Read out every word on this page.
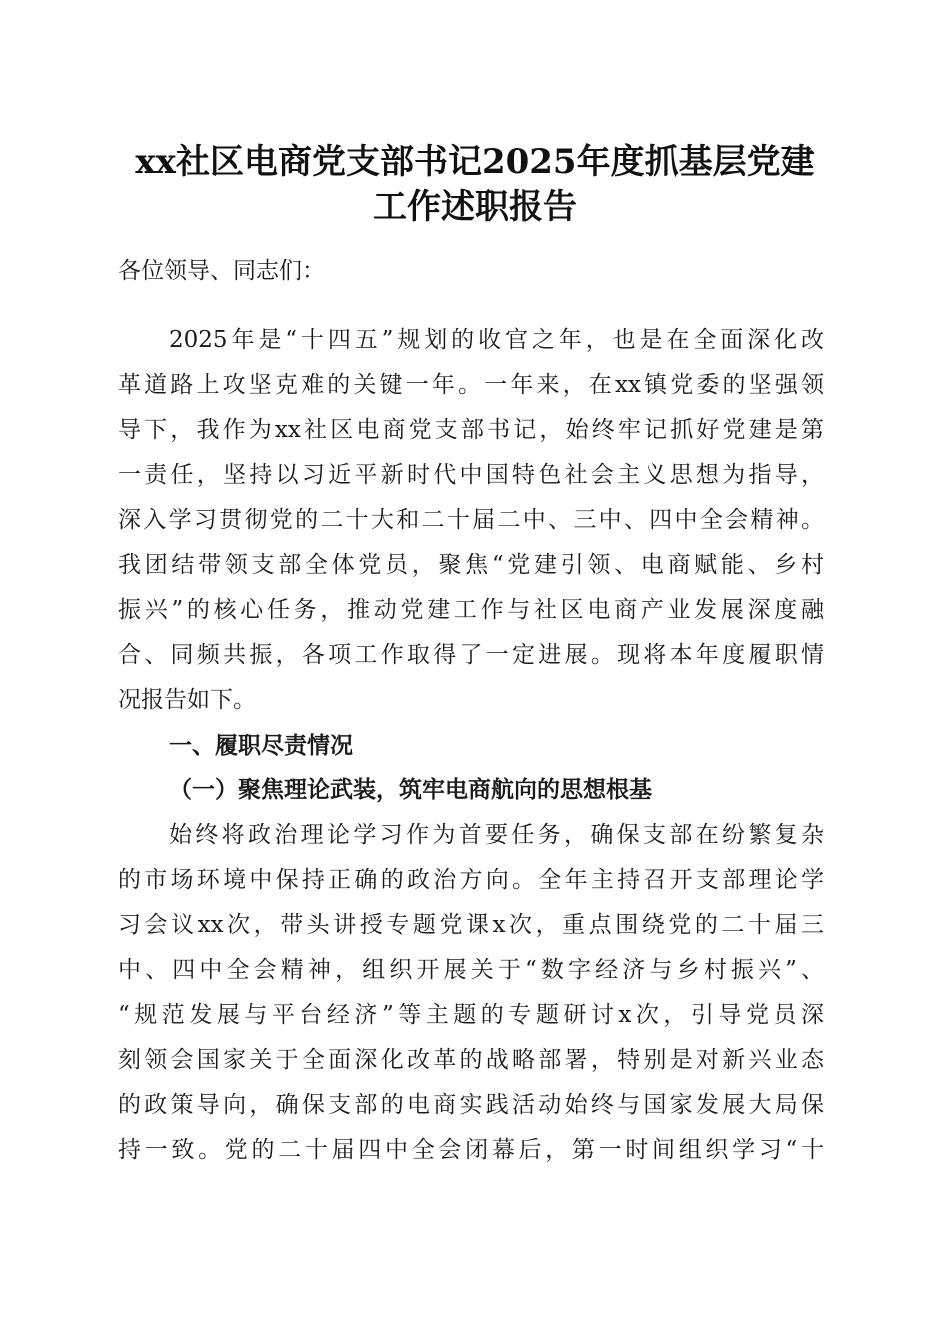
xx社区电商党支部书记2025年度抓基层党建
工作述职报告
各位领导、同志们：
2025年是“十四五”规划的收官之年，也是在全面深化改
革道路上攻坚克难的关键一年。一年来，在xx镇党委的坚强领
导下，我作为xx社区电商党支部书记，始终牢记抓好党建是第
一责任，坚持以习近平新时代中国特色社会主义思想为指导，
深入学习贯彻党的二十大和二十届二中、三中、四中全会精神。
我团结带领支部全体党员，聚焦“党建引领、电商赋能、乡村
振兴”的核心任务，推动党建工作与社区电商产业发展深度融
合、同频共振，各项工作取得了一定进展。现将本年度履职情
况报告如下。
一、履职尽责情况
（一）聚焦理论武装，筑牢电商航向的思想根基
始终将政治理论学习作为首要任务，确保支部在纷繁复杂
的市场环境中保持正确的政治方向。全年主持召开支部理论学
习会议xx次，带头讲授专题党课x次，重点围绕党的二十届三
中、四中全会精神，组织开展关于“数字经济与乡村振兴”、
“规范发展与平台经济”等主题的专题研讨x次，引导党员深
刻领会国家关于全面深化改革的战略部署，特别是对新兴业态
的政策导向，确保支部的电商实践活动始终与国家发展大局保
持一致。党的二十届四中全会闭幕后，第一时间组织学习“十
